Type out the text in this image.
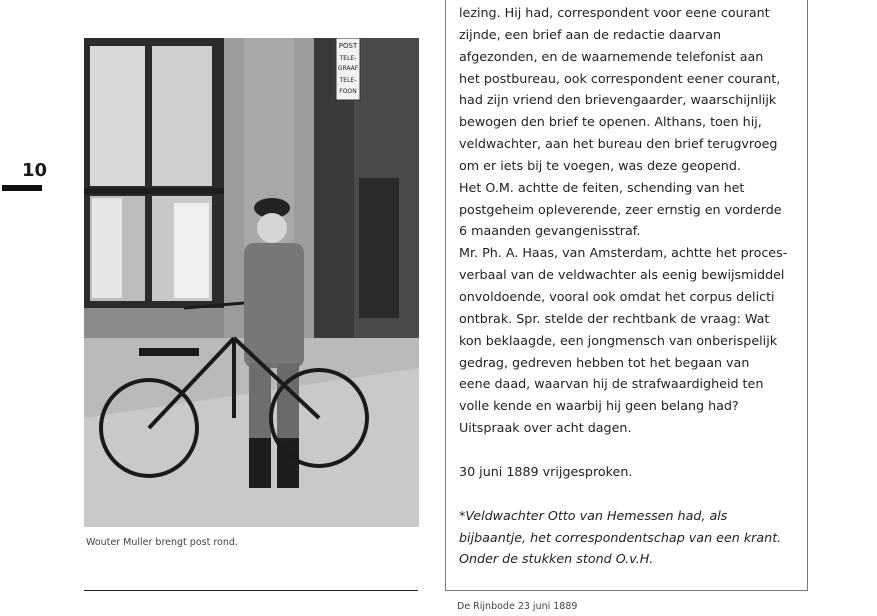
10
POST
TELE-
GRAAF
TELE-
FOON
Wouter Muller brengt post rond.

lezing. Hij had, correspondent voor eene courant
zijnde, een brief aan de redactie daarvan
afgezonden, en de waarnemende telefonist aan
het postbureau, ook correspondent eener courant,
had zijn vriend den brievengaarder, waarschijnlijk
bewogen den brief te openen. Althans, toen hij,
veldwachter, aan het bureau den brief terugvroeg
om er iets bij te voegen, was deze geopend.

Het O.M. achtte de feiten, schending van het
postgeheim opleverende, zeer ernstig en vorderde
6 maanden gevangenisstraf.

Mr. Ph. A. Haas, van Amsterdam, achtte het proces-
verbaal van de veldwachter als eenig bewijsmiddel
onvoldoende, vooral ook omdat het corpus delicti
ontbrak. Spr. stelde der rechtbank de vraag: Wat
kon beklaagde, een jongmensch van onberispelijk
gedrag, gedreven hebben tot het begaan van
eene daad, waarvan hij de strafwaardigheid ten
volle kende en waarbij hij geen belang had?
Uitspraak over acht dagen.

30 juni 1889 vrijgesproken.

*Veldwachter Otto van Hemessen had, als
bijbaantje, het correspondentschap van een krant.
Onder de stukken stond O.v.H.

De Rijnbode 23 juni 1889
